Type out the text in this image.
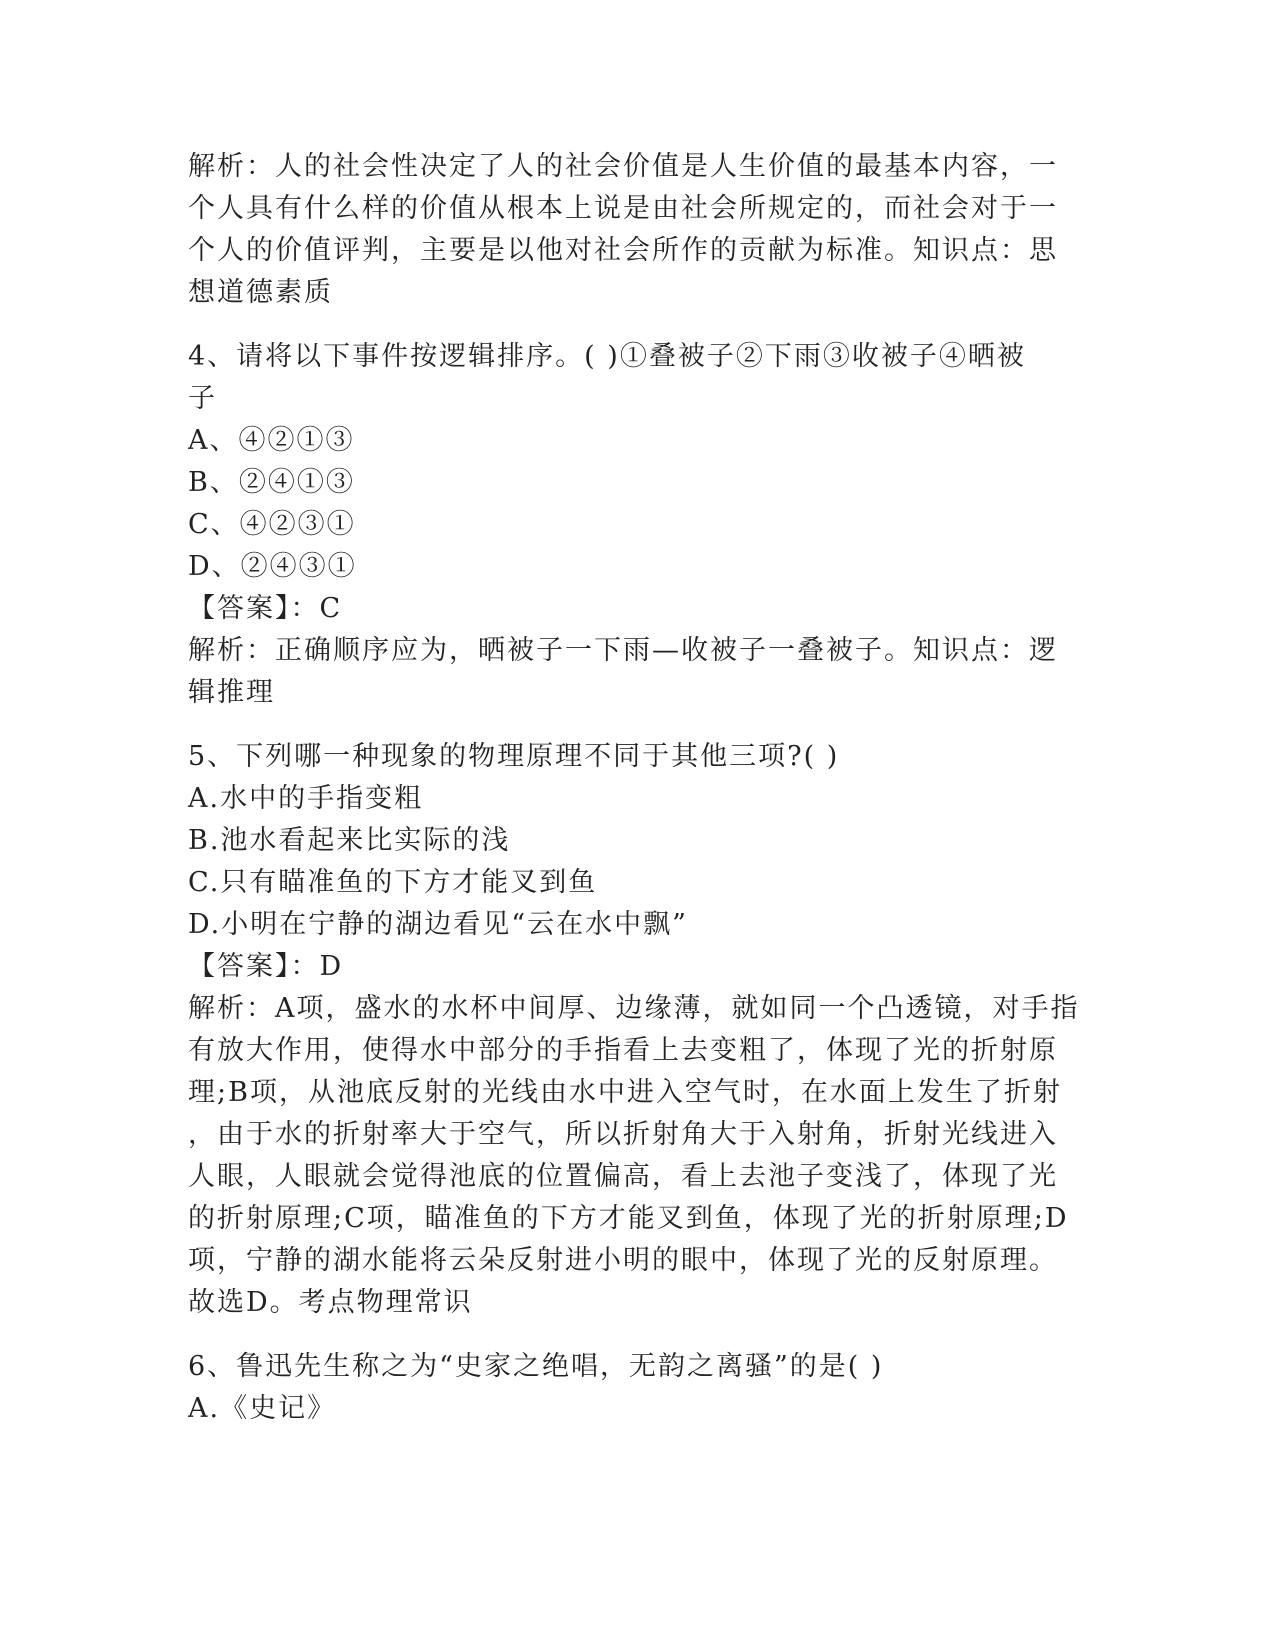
解析：人的社会性决定了人的社会价值是人生价值的最基本内容，一
个人具有什么样的价值从根本上说是由社会所规定的，而社会对于一
个人的价值评判，主要是以他对社会所作的贡献为标准。知识点：思
想道德素质
4、请将以下事件按逻辑排序。( )①叠被子②下雨③收被子④晒被
子
A、④②①③
B、②④①③
C、④②③①
D、②④③①
【答案】：C
解析：正确顺序应为，晒被子一下雨—收被子一叠被子。知识点：逻
辑推理
5、下列哪一种现象的物理原理不同于其他三项?( )
A.水中的手指变粗
B.池水看起来比实际的浅
C.只有瞄准鱼的下方才能叉到鱼
D.小明在宁静的湖边看见“云在水中飘”
【答案】：D
解析：A项，盛水的水杯中间厚、边缘薄，就如同一个凸透镜，对手指
有放大作用，使得水中部分的手指看上去变粗了，体现了光的折射原
理;B项，从池底反射的光线由水中进入空气时，在水面上发生了折射
，由于水的折射率大于空气，所以折射角大于入射角，折射光线进入
人眼，人眼就会觉得池底的位置偏高，看上去池子变浅了，体现了光
的折射原理;C项，瞄准鱼的下方才能叉到鱼，体现了光的折射原理;D
项，宁静的湖水能将云朵反射进小明的眼中，体现了光的反射原理。
故选D。考点物理常识
6、鲁迅先生称之为“史家之绝唱，无韵之离骚”的是( )
A.《史记》
